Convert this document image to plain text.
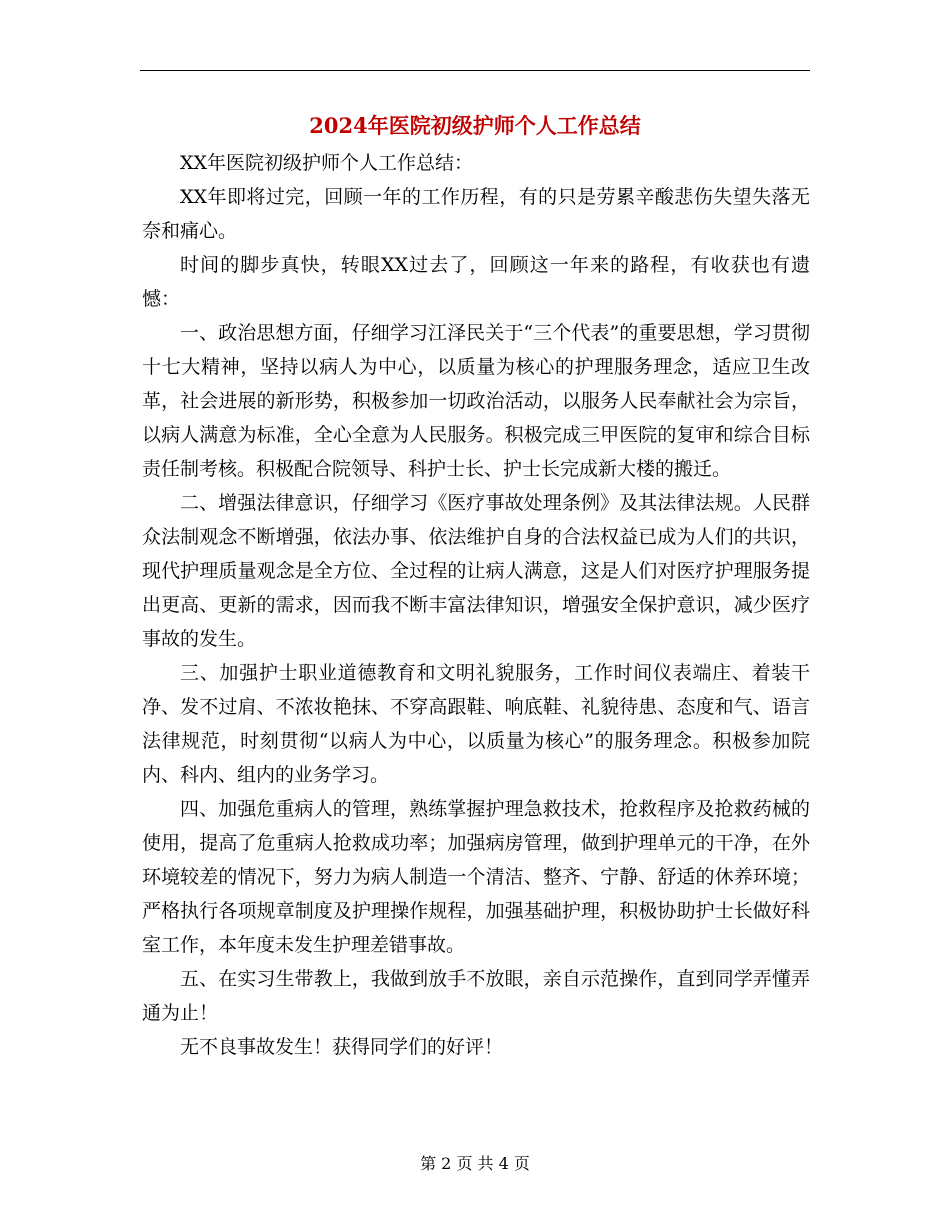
2024年医院初级护师个人工作总结

XX年医院初级护师个人工作总结：

XX年即将过完，回顾一年的工作历程，有的只是劳累辛酸悲伤失望失落无奈和痛心。

时间的脚步真快，转眼XX过去了，回顾这一年来的路程，有收获也有遗憾：

一、政治思想方面，仔细学习江泽民关于“三个代表”的重要思想，学习贯彻十七大精神，坚持以病人为中心，以质量为核心的护理服务理念，适应卫生改革，社会进展的新形势，积极参加一切政治活动，以服务人民奉献社会为宗旨，以病人满意为标准，全心全意为人民服务。积极完成三甲医院的复审和综合目标责任制考核。积极配合院领导、科护士长、护士长完成新大楼的搬迁。

二、增强法律意识，仔细学习《医疗事故处理条例》及其法律法规。人民群众法制观念不断增强，依法办事、依法维护自身的合法权益已成为人们的共识，现代护理质量观念是全方位、全过程的让病人满意，这是人们对医疗护理服务提出更高、更新的需求，因而我不断丰富法律知识，增强安全保护意识，减少医疗事故的发生。

三、加强护士职业道德教育和文明礼貌服务，工作时间仪表端庄、着装干净、发不过肩、不浓妆艳抹、不穿高跟鞋、响底鞋、礼貌待患、态度和气、语言法律规范，时刻贯彻“以病人为中心，以质量为核心”的服务理念。积极参加院内、科内、组内的业务学习。

四、加强危重病人的管理，熟练掌握护理急救技术，抢救程序及抢救药械的使用，提高了危重病人抢救成功率；加强病房管理，做到护理单元的干净，在外环境较差的情况下，努力为病人制造一个清洁、整齐、宁静、舒适的休养环境；严格执行各项规章制度及护理操作规程，加强基础护理，积极协助护士长做好科室工作，本年度未发生护理差错事故。

五、在实习生带教上，我做到放手不放眼，亲自示范操作，直到同学弄懂弄通为止！

无不良事故发生！获得同学们的好评！

第 2 页 共 4 页
